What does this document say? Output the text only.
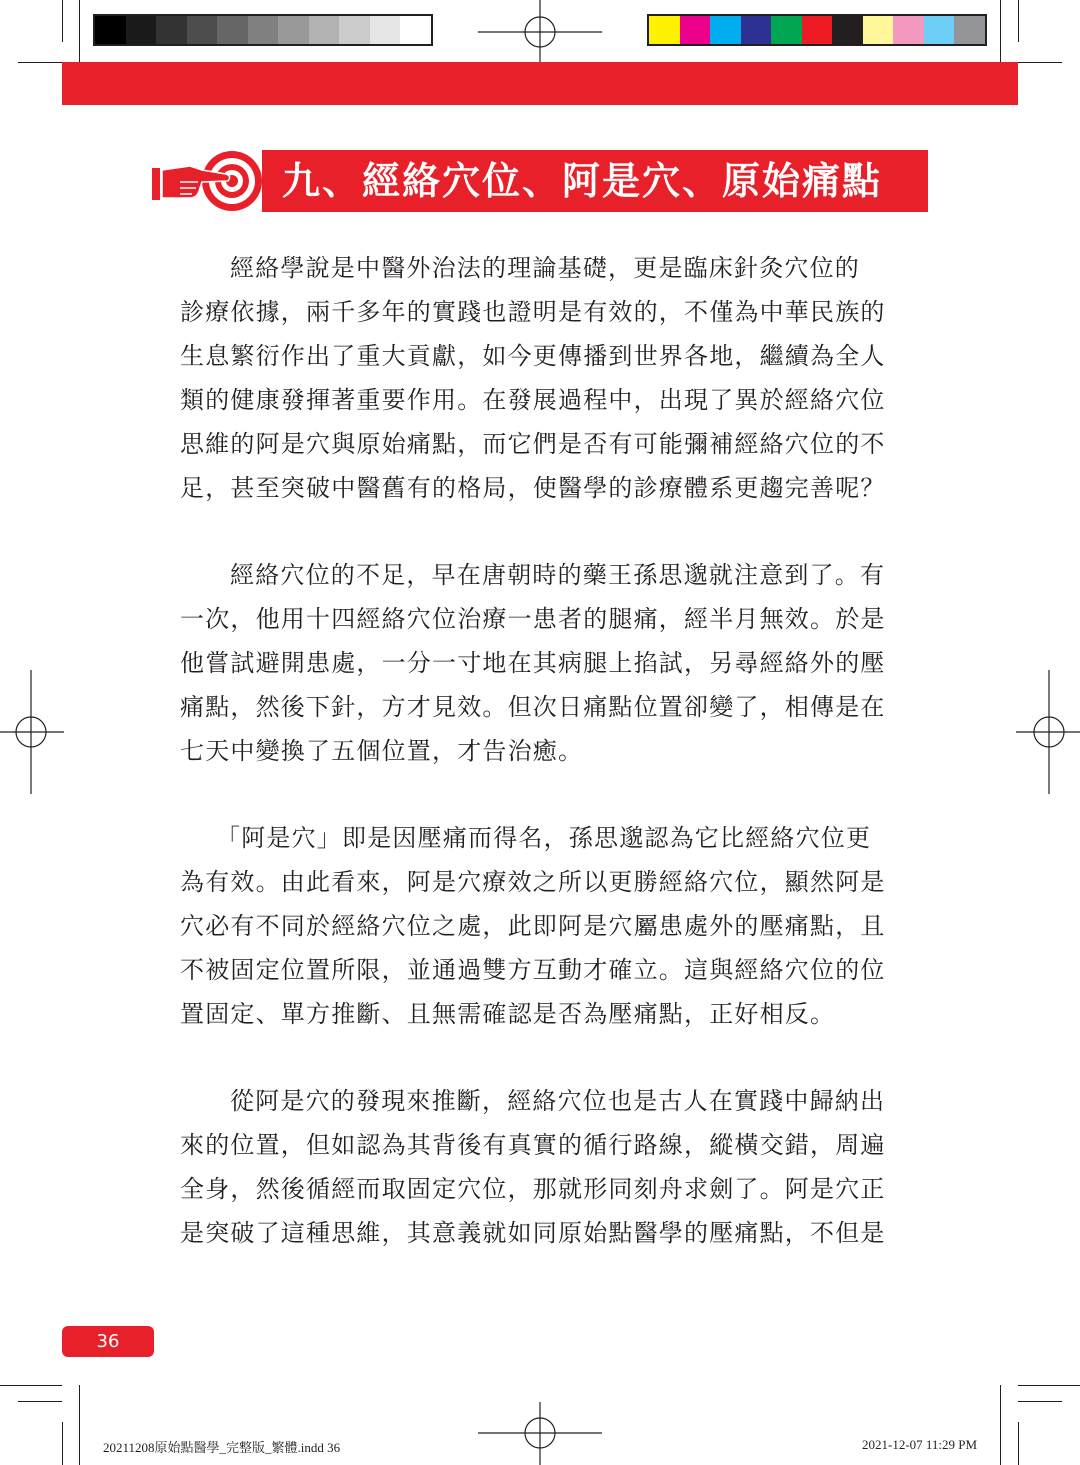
九、經絡穴位、阿是穴、原始痛點
經絡學說是中醫外治法的理論基礎，更是臨床針灸穴位的
診療依據，兩千多年的實踐也證明是有效的，不僅為中華民族的
生息繁衍作出了重大貢獻，如今更傳播到世界各地，繼續為全人
類的健康發揮著重要作用。在發展過程中，出現了異於經絡穴位
思維的阿是穴與原始痛點，而它們是否有可能彌補經絡穴位的不
足，甚至突破中醫舊有的格局，使醫學的診療體系更趨完善呢？
經絡穴位的不足，早在唐朝時的藥王孫思邈就注意到了。有
一次，他用十四經絡穴位治療一患者的腿痛，經半月無效。於是
他嘗試避開患處，一分一寸地在其病腿上掐試，另尋經絡外的壓
痛點，然後下針，方才見效。但次日痛點位置卻變了，相傳是在
七天中變換了五個位置，才告治癒。
「阿是穴」即是因壓痛而得名，孫思邈認為它比經絡穴位更
為有效。由此看來，阿是穴療效之所以更勝經絡穴位，顯然阿是
穴必有不同於經絡穴位之處，此即阿是穴屬患處外的壓痛點，且
不被固定位置所限，並通過雙方互動才確立。這與經絡穴位的位
置固定、單方推斷、且無需確認是否為壓痛點，正好相反。
從阿是穴的發現來推斷，經絡穴位也是古人在實踐中歸納出
來的位置，但如認為其背後有真實的循行路線，縱橫交錯，周遍
全身，然後循經而取固定穴位，那就形同刻舟求劍了。阿是穴正
是突破了這種思維，其意義就如同原始點醫學的壓痛點，不但是
36
20211208原始點醫學_完整版_繁體.indd 36	2021-12-07 11:29 PM
